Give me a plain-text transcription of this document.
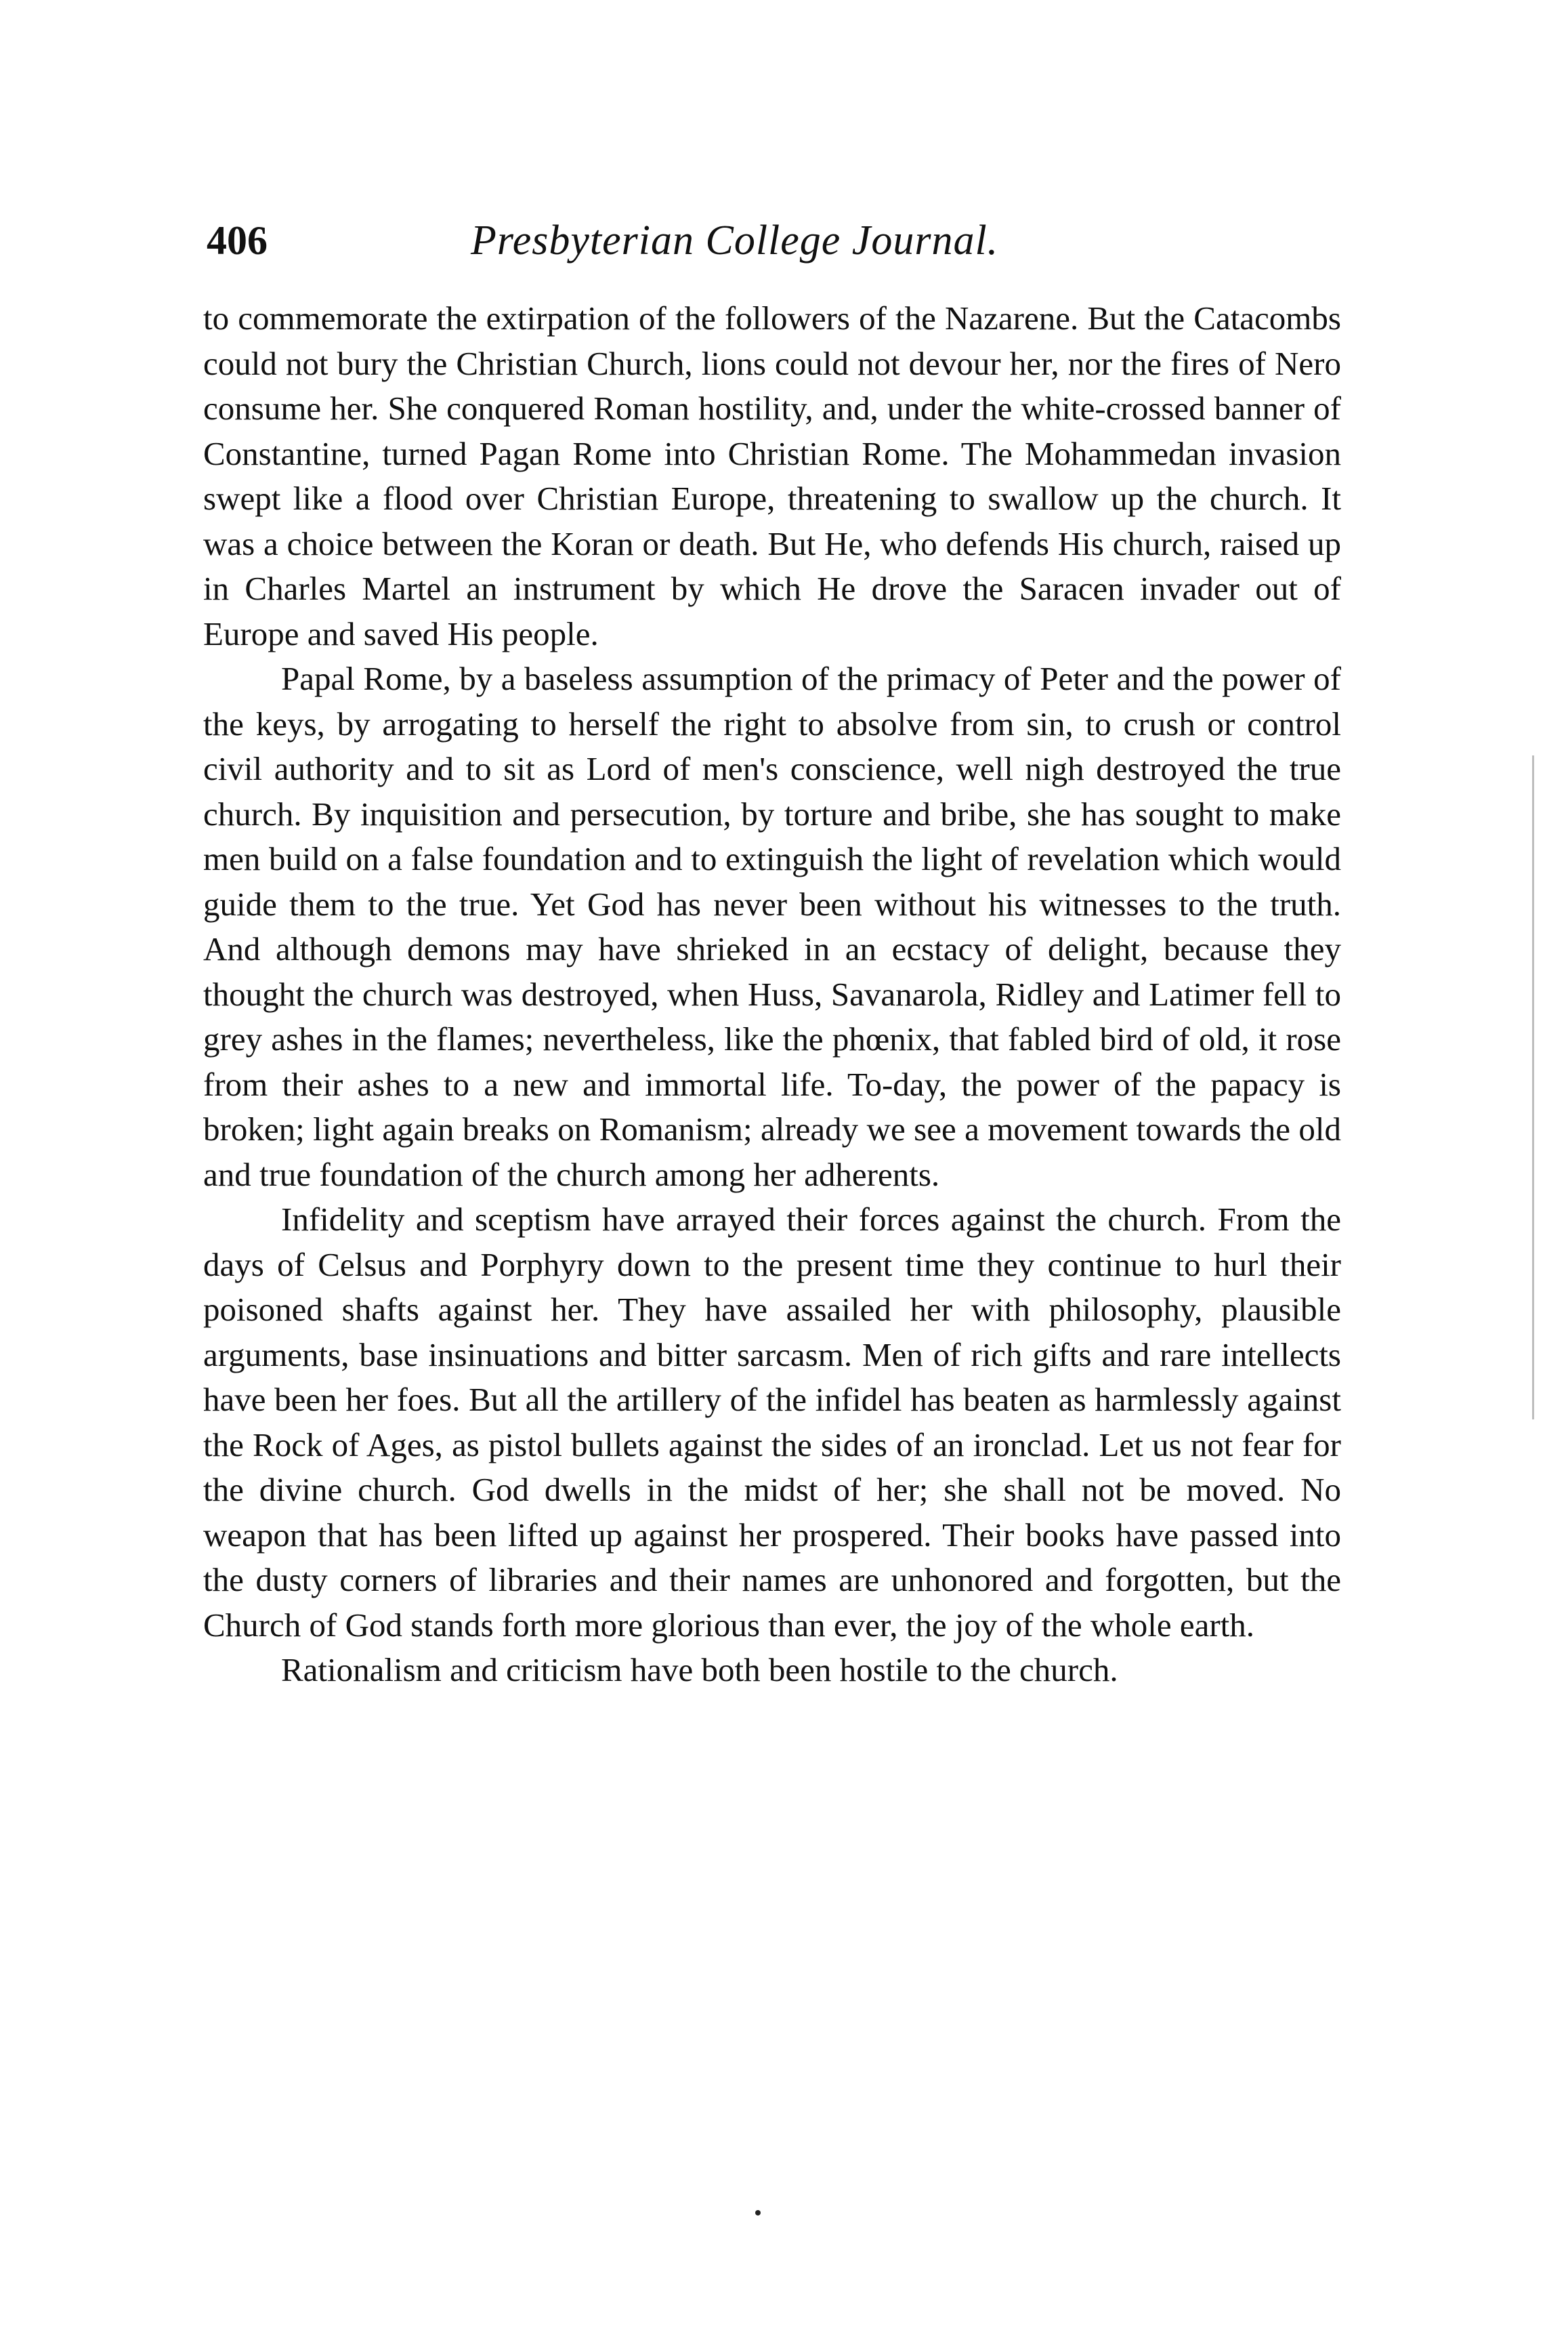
406	Presbyterian College Journal.

to commemorate the extirpation of the followers of the Nazarene. But the Catacombs could not bury the Christian Church, lions could not devour her, nor the fires of Nero consume her. She conquered Roman hostility, and, under the white-crossed banner of Constantine, turned Pagan Rome into Christian Rome. The Mohammedan invasion swept like a flood over Christian Europe, threatening to swallow up the church. It was a choice between the Koran or death. But He, who defends His church, raised up in Charles Martel an instrument by which He drove the Saracen invader out of Europe and saved His people.

Papal Rome, by a baseless assumption of the primacy of Peter and the power of the keys, by arrogating to herself the right to absolve from sin, to crush or control civil authority and to sit as Lord of men's conscience, well nigh destroyed the true church. By inquisition and persecution, by torture and bribe, she has sought to make men build on a false foundation and to extinguish the light of revelation which would guide them to the true. Yet God has never been without his witnesses to the truth. And although demons may have shrieked in an ecstacy of delight, because they thought the church was destroyed, when Huss, Savanarola, Ridley and Latimer fell to grey ashes in the flames; nevertheless, like the phœnix, that fabled bird of old, it rose from their ashes to a new and immortal life. To-day, the power of the papacy is broken; light again breaks on Romanism; already we see a movement towards the old and true foundation of the church among her adherents.

Infidelity and sceptism have arrayed their forces against the church. From the days of Celsus and Porphyry down to the present time they continue to hurl their poisoned shafts against her. They have assailed her with philosophy, plausible arguments, base insinuations and bitter sarcasm. Men of rich gifts and rare intellects have been her foes. But all the artillery of the infidel has beaten as harmlessly against the Rock of Ages, as pistol bullets against the sides of an ironclad. Let us not fear for the divine church. God dwells in the midst of her; she shall not be moved. No weapon that has been lifted up against her prospered. Their books have passed into the dusty corners of libraries and their names are unhonored and forgotten, but the Church of God stands forth more glorious than ever, the joy of the whole earth.

Rationalism and criticism have both been hostile to the church.
